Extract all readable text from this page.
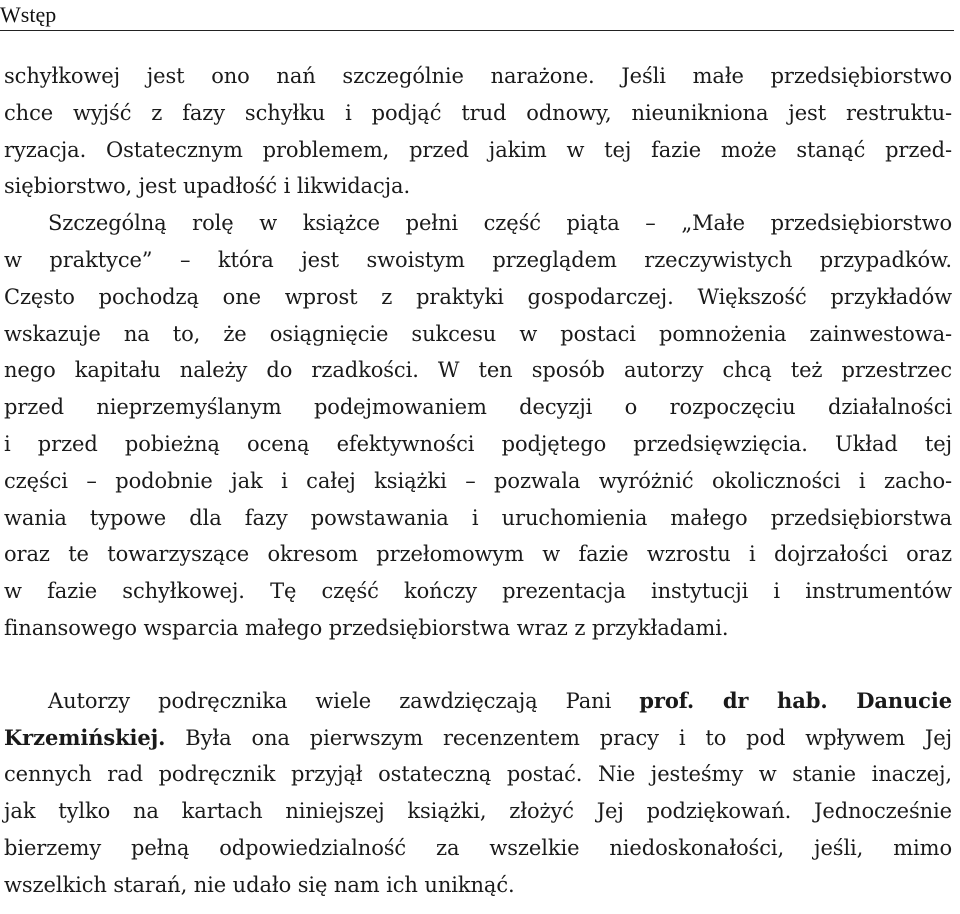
Wstęp

schyłkowej jest ono nań szczególnie narażone. Jeśli małe przedsiębiorstwo
chce wyjść z fazy schyłku i podjąć trud odnowy, nieunikniona jest restruktu-
ryzacja. Ostatecznym problemem, przed jakim w tej fazie może stanąć przed-
siębiorstwo, jest upadłość i likwidacja.

Szczególną rolę w książce pełni część piąta – „Małe przedsiębiorstwo
w praktyce” – która jest swoistym przeglądem rzeczywistych przypadków.
Często pochodzą one wprost z praktyki gospodarczej. Większość przykładów
wskazuje na to, że osiągnięcie sukcesu w postaci pomnożenia zainwestowa-
nego kapitału należy do rzadkości. W ten sposób autorzy chcą też przestrzec
przed nieprzemyślanym podejmowaniem decyzji o rozpoczęciu działalności
i przed pobieżną oceną efektywności podjętego przedsięwzięcia. Układ tej
części – podobnie jak i całej książki – pozwala wyróżnić okoliczności i zacho-
wania typowe dla fazy powstawania i uruchomienia małego przedsiębiorstwa
oraz te towarzyszące okresom przełomowym w fazie wzrostu i dojrzałości oraz
w fazie schyłkowej. Tę część kończy prezentacja instytucji i instrumentów
finansowego wsparcia małego przedsiębiorstwa wraz z przykładami.

Autorzy podręcznika wiele zawdzięczają Pani prof. dr hab. Danucie
Krzemińskiej. Była ona pierwszym recenzentem pracy i to pod wpływem Jej
cennych rad podręcznik przyjął ostateczną postać. Nie jesteśmy w stanie inaczej,
jak tylko na kartach niniejszej książki, złożyć Jej podziękowań. Jednocześnie
bierzemy pełną odpowiedzialność za wszelkie niedoskonałości, jeśli, mimo
wszelkich starań, nie udało się nam ich uniknąć.
